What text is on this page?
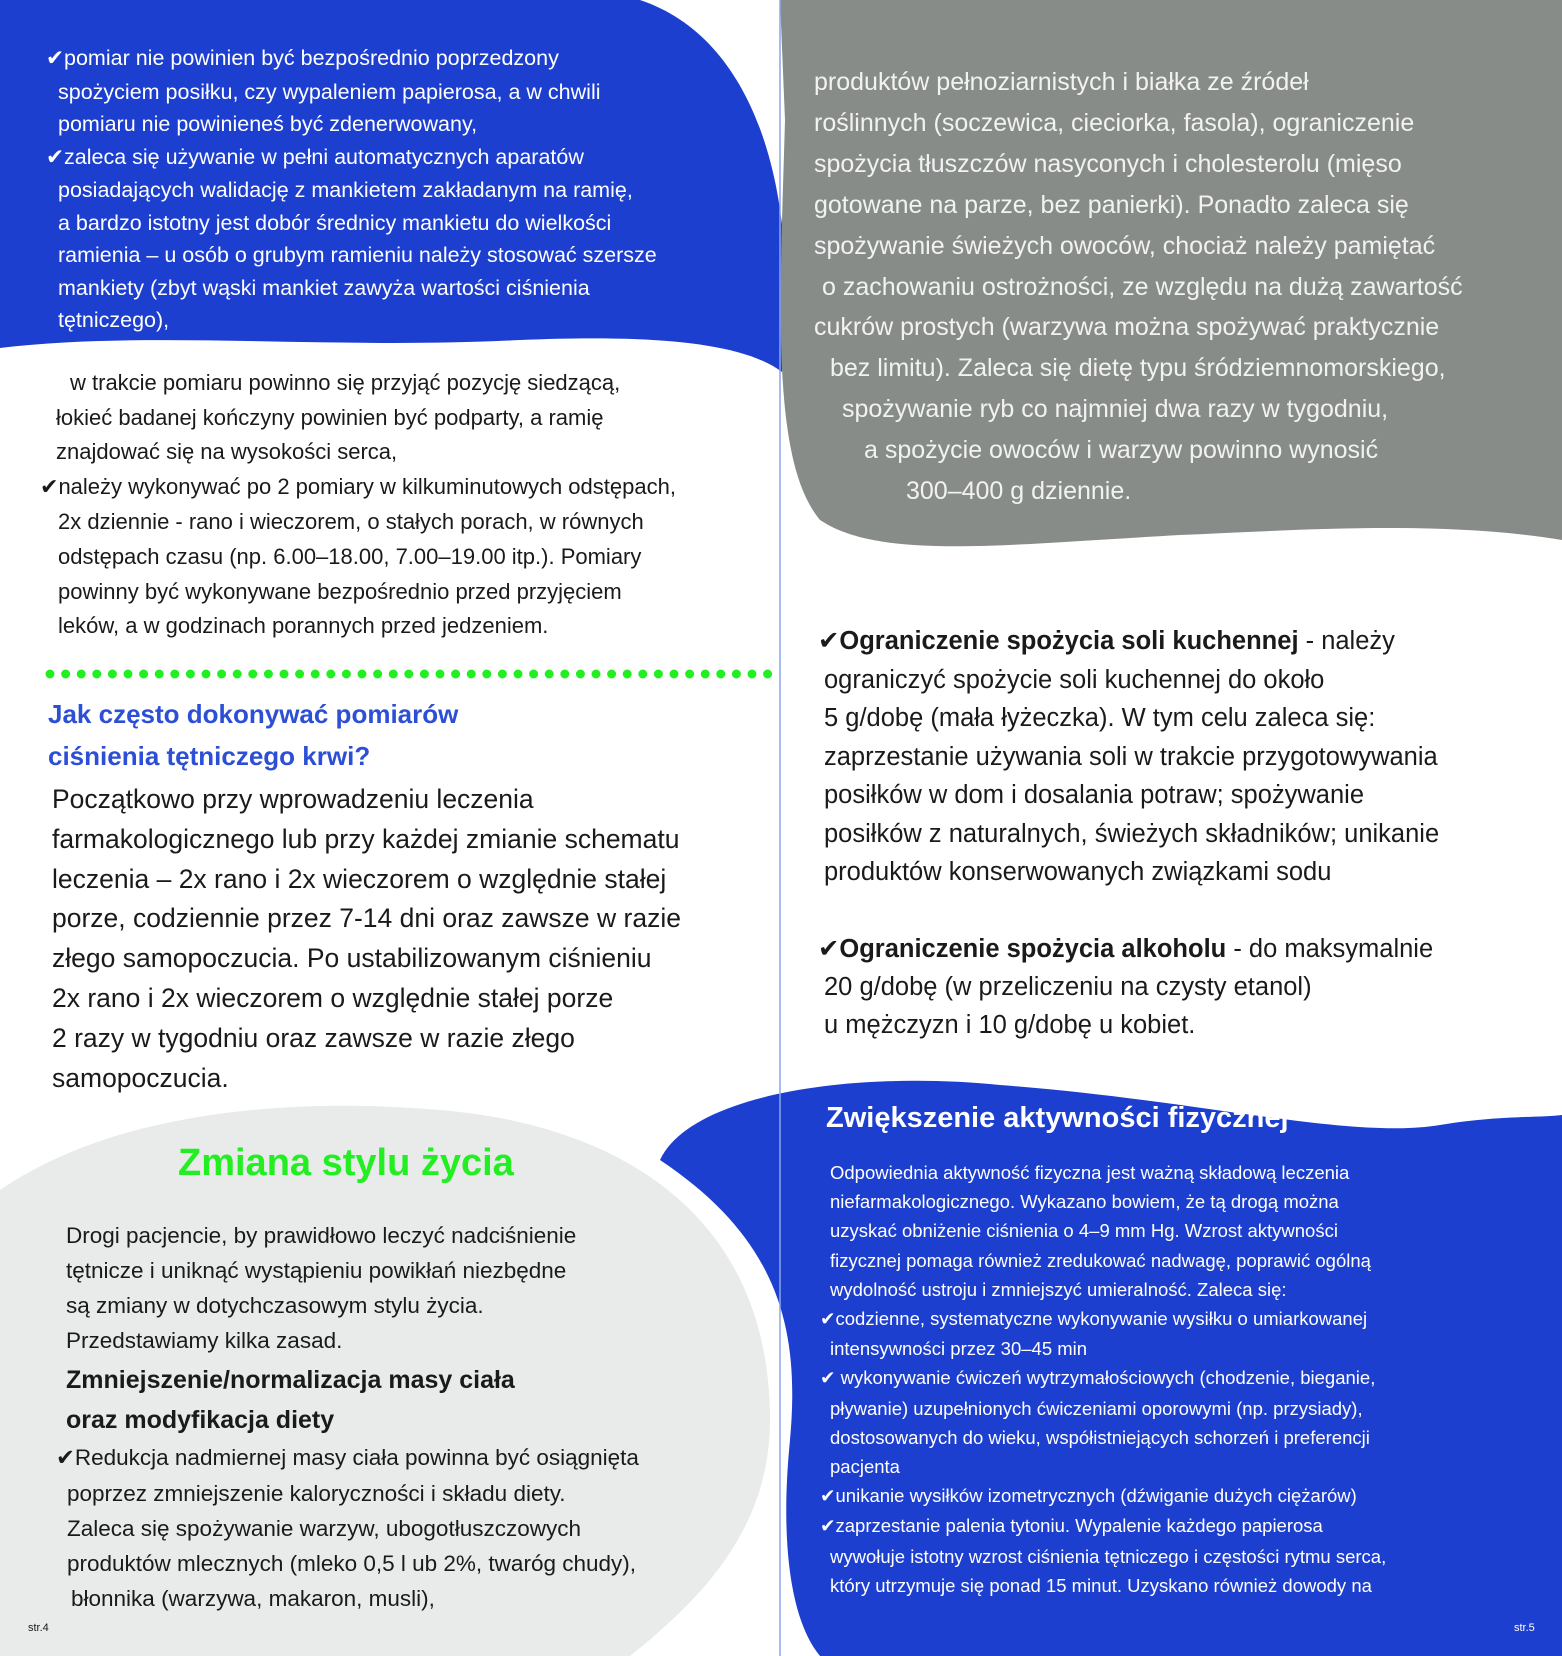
✔ pomiar nie powinien być bezpośrednio poprzedzony
spożyciem posiłku, czy wypaleniem papierosa, a w chwili
pomiaru nie powinieneś być zdenerwowany,
✔ zaleca się używanie w pełni automatycznych aparatów
posiadających walidację z mankietem zakładanym na ramię,
a bardzo istotny jest dobór średnicy mankietu do wielkości
ramienia – u osób o grubym ramieniu należy stosować szersze
mankiety (zbyt wąski mankiet zawyża wartości ciśnienia
tętniczego),
w trakcie pomiaru powinno się przyjąć pozycję siedzącą,
łokieć badanej kończyny powinien być podparty, a ramię
znajdować się na wysokości serca,
✔ należy wykonywać po 2 pomiary w kilkuminutowych odstępach,
2x dziennie - rano i wieczorem, o stałych porach, w równych
odstępach czasu (np. 6.00–18.00, 7.00–19.00 itp.). Pomiary
powinny być wykonywane bezpośrednio przed przyjęciem
leków, a w godzinach porannych przed jedzeniem.
Jak często dokonywać pomiarów
ciśnienia tętniczego krwi?
Początkowo przy wprowadzeniu leczenia
farmakologicznego lub przy każdej zmianie schematu
leczenia – 2x rano i 2x wieczorem o względnie stałej
porze, codziennie przez 7-14 dni oraz zawsze w razie
złego samopoczucia. Po ustabilizowanym ciśnieniu
2x rano i 2x wieczorem o względnie stałej porze
2 razy w tygodniu oraz zawsze w razie złego
samopoczucia.
Zmiana stylu życia
Drogi pacjencie, by prawidłowo leczyć nadciśnienie
tętnicze i uniknąć wystąpieniu powikłań niezbędne
są zmiany w dotychczasowym stylu życia.
Przedstawiamy kilka zasad.
Zmniejszenie/normalizacja masy ciała
oraz modyfikacja diety
✔ Redukcja nadmiernej masy ciała powinna być osiągnięta
poprzez zmniejszenie kaloryczności i składu diety.
Zaleca się spożywanie warzyw, ubogotłuszczowych
produktów mlecznych (mleko 0,5 l ub 2%, twaróg chudy),
błonnika (warzywa, makaron, musli),
str.4
produktów pełnoziarnistych i białka ze źródeł
roślinnych (soczewica, cieciorka, fasola), ograniczenie
spożycia tłuszczów nasyconych i cholesterolu (mięso
gotowane na parze, bez panierki). Ponadto zaleca się
spożywanie świeżych owoców, chociaż należy pamiętać
o zachowaniu ostrożności, ze względu na dużą zawartość
cukrów prostych (warzywa można spożywać praktycznie
bez limitu). Zaleca się dietę typu śródziemnomorskiego,
spożywanie ryb co najmniej dwa razy w tygodniu,
a spożycie owoców i warzyw powinno wynosić
300–400 g dziennie.
✔ Ograniczenie spożycia soli kuchennej - należy
ograniczyć spożycie soli kuchennej do około
5 g/dobę (mała łyżeczka). W tym celu zaleca się:
zaprzestanie używania soli w trakcie przygotowywania
posiłków w dom i dosalania potraw; spożywanie
posiłków z naturalnych, świeżych składników; unikanie
produktów konserwowanych związkami sodu
✔ Ograniczenie spożycia alkoholu - do maksymalnie
20 g/dobę (w przeliczeniu na czysty etanol)
u mężczyzn i 10 g/dobę u kobiet.
Zwiększenie aktywności fizycznej
Odpowiednia aktywność fizyczna jest ważną składową leczenia
niefarmakologicznego. Wykazano bowiem, że tą drogą można
uzyskać obniżenie ciśnienia o 4–9 mm Hg. Wzrost aktywności
fizycznej pomaga również zredukować nadwagę, poprawić ogólną
wydolność ustroju i zmniejszyć umieralność. Zaleca się:
✔ codzienne, systematyczne wykonywanie wysiłku o umiarkowanej
intensywności przez 30–45 min
✔ wykonywanie ćwiczeń wytrzymałościowych (chodzenie, bieganie,
pływanie) uzupełnionych ćwiczeniami oporowymi (np. przysiady),
dostosowanych do wieku, współistniejących schorzeń i preferencji
pacjenta
✔ unikanie wysiłków izometrycznych (dźwiganie dużych ciężarów)
✔ zaprzestanie palenia tytoniu. Wypalenie każdego papierosa
wywołuje istotny wzrost ciśnienia tętniczego i częstości rytmu serca,
który utrzymuje się ponad 15 minut. Uzyskano również dowody na
str.5
